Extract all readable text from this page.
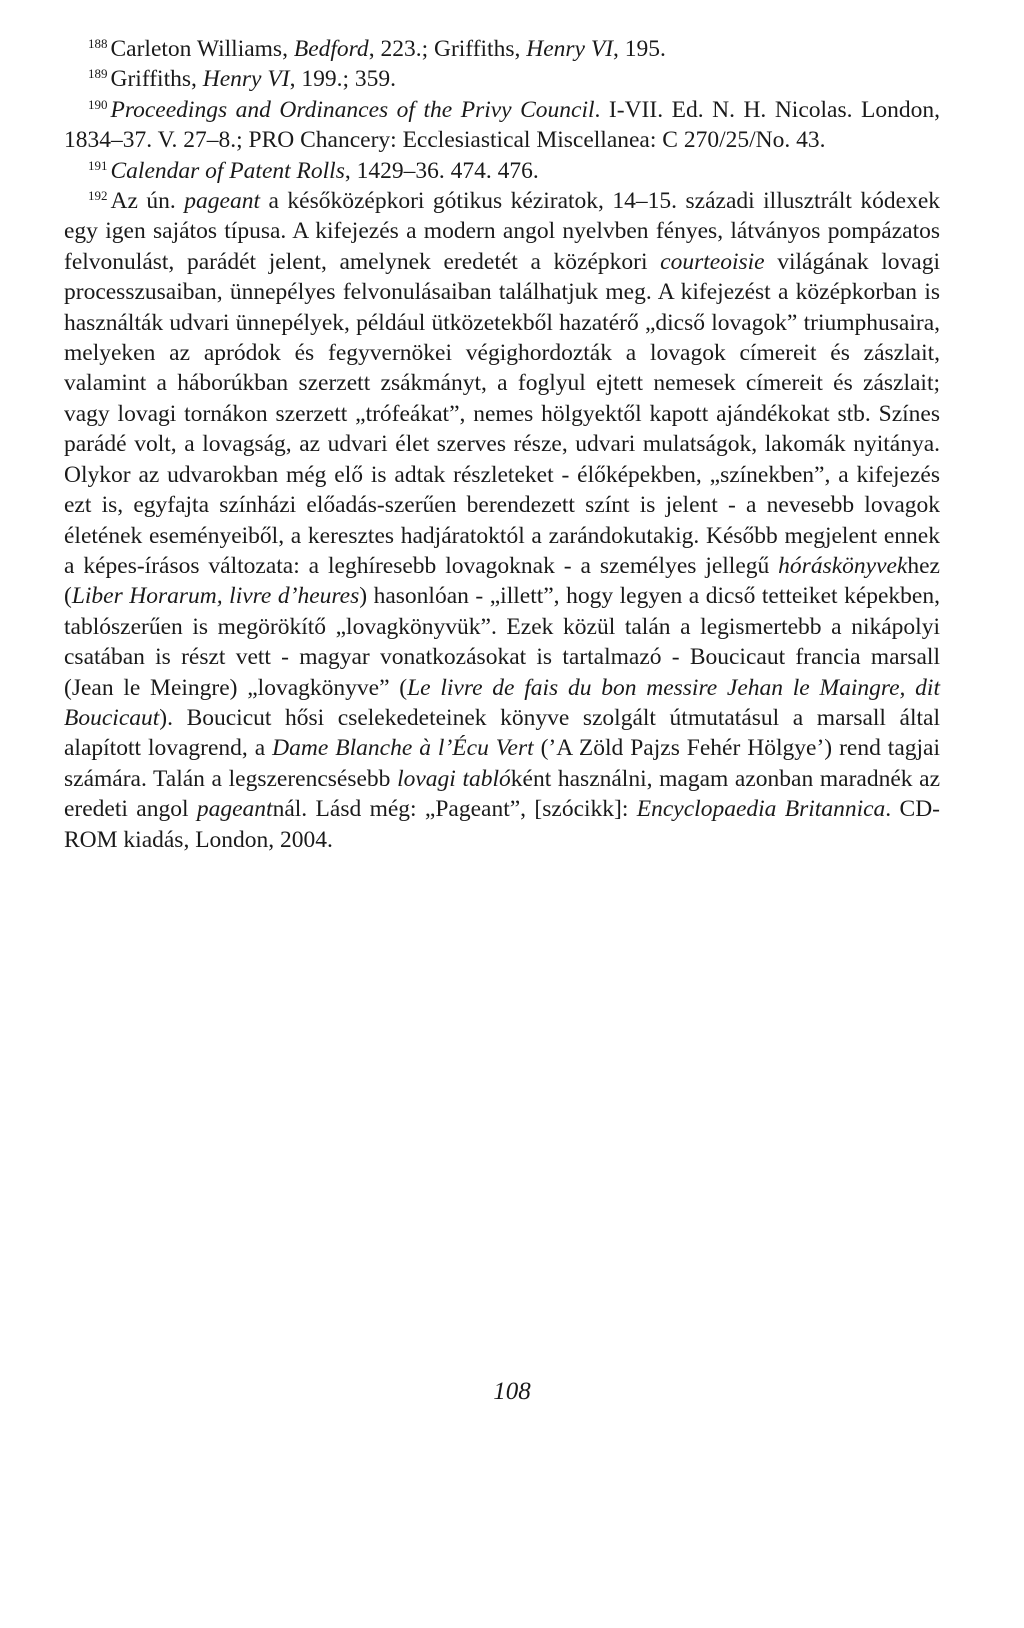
$^{188}$ Carleton Williams, Bedford, 223.; Griffiths, Henry VI, 195.

$^{189}$ Griffiths, Henry VI, 199.; 359.

$^{190}$ Proceedings and Ordinances of the Privy Council. I-VII. Ed. N. H. Nicolas. London, 1834–37. V. 27–8.; PRO Chancery: Ecclesiastical Miscellanea: C 270/25/No. 43.

$^{191}$ Calendar of Patent Rolls, 1429–36. 474. 476.

$^{192}$ Az ún. pageant a későközépkori gótikus kéziratok, 14–15. századi illusztrált kódexek egy igen sajátos típusa. A kifejezés a modern angol nyelvben fényes, látványos pompázatos felvonulást, parádét jelent, amelynek eredetét a középkori courteoisie világának lovagi processzusaiban, ünnepélyes felvonulásaiban találhatjuk meg. A kifejezést a középkorban is használták udvari ünnepélyek, például ütközetekből hazatérő „dicső lovagok” triumphusaira, melyeken az apródok és fegyvernökei végighordozták a lovagok címereit és zászlait, valamint a háborúkban szerzett zsákmányt, a foglyul ejtett nemesek címereit és zászlait; vagy lovagi tornákon szerzett „trófeákat”, nemes hölgyektől kapott ajándékokat stb. Színes parádé volt, a lovagság, az udvari élet szerves része, udvari mulatságok, lakomák nyitánya. Olykor az udvarokban még elő is adtak részleteket - élőképekben, „színekben”, a kifejezés ezt is, egyfajta színházi előadás-szerűen berendezett színt is jelent - a nevesebb lovagok életének eseményeiből, a keresztes hadjáratoktól a zarándokutakig. Később megjelent ennek a képes-írásos változata: a leghíresebb lovagoknak - a személyes jellegű hóráskönyvekhez (Liber Horarum, livre d’heures) hasonlóan - „illett”, hogy legyen a dicső tetteiket képekben, tablószerűen is megörökítő „lovagkönyvük”. Ezek közül talán a legismertebb a nikápolyi csatában is részt vett - magyar vonatkozásokat is tartalmazó - Boucicaut francia marsall (Jean le Meingre) „lovagkönyve” (Le livre de fais du bon messire Jehan le Maingre, dit Boucicaut). Boucicut hősi cselekedeteinek könyve szolgált útmutatásul a marsall által alapított lovagrend, a Dame Blanche à l’Écu Vert (’A Zöld Pajzs Fehér Hölgye’) rend tagjai számára. Talán a legszerencsésebb lovagi tablóként használni, magam azonban maradnék az eredeti angol pageantnál. Lásd még: „Pageant”, [szócikk]: Encyclopaedia Britannica. CD-ROM kiadás, London, 2004.

108
